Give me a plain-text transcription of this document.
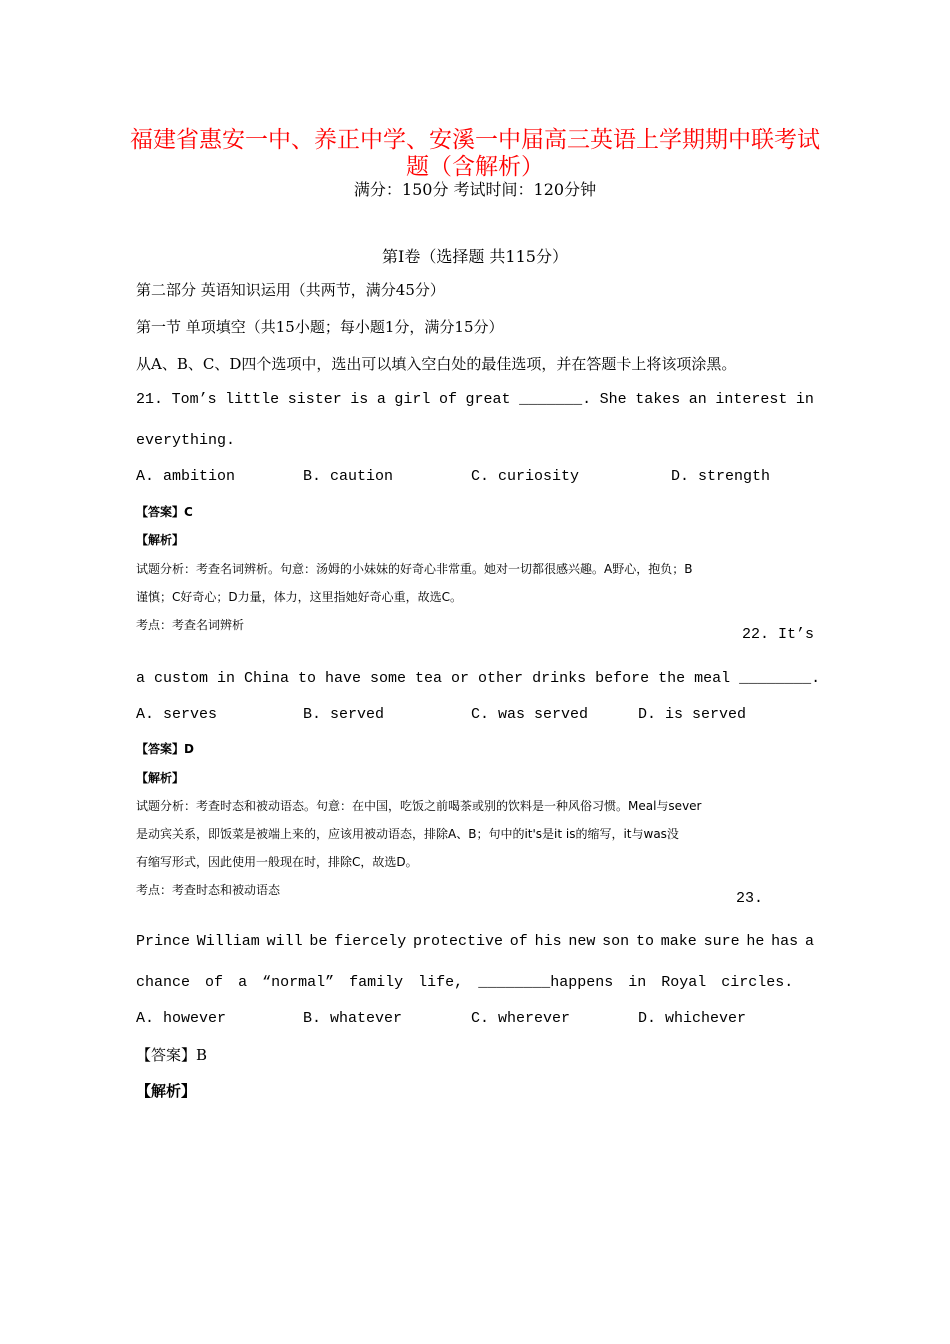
福建省惠安一中、养正中学、安溪一中届高三英语上学期期中联考试
题（含解析）
满分：150分 考试时间：120分钟
第Ⅰ卷（选择题 共115分）
第二部分 英语知识运用（共两节，满分45分）
第一节 单项填空（共15小题；每小题1分，满分15分）
从A、B、C、D四个选项中，选出可以填入空白处的最佳选项，并在答题卡上将该项涂黑。
21. Tom’s little sister is a girl of great _______. She takes an interest in
everything.
A. ambition	B. caution	C. curiosity	D. strength
【答案】C
【解析】
试题分析：考查名词辨析。句意：汤姆的小妹妹的好奇心非常重。她对一切都很感兴趣。A野心，抱负；B
谨慎；C好奇心；D力量，体力，这里指她好奇心重，故选C。
考点：考查名词辨析
22. It’s
a custom in China to have some tea or other drinks before the meal ________.
A. serves	B. served	C. was served	D. is served
【答案】D
【解析】
试题分析：考查时态和被动语态。句意：在中国，吃饭之前喝茶或别的饮料是一种风俗习惯。Meal与sever
是动宾关系，即饭菜是被端上来的，应该用被动语态，排除A、B；句中的it's是it is的缩写，it与was没
有缩写形式，因此使用一般现在时，排除C，故选D。
考点：考查时态和被动语态	23.
Prince William will be fiercely protective of his new son to make sure he has a
chance of a “normal” family life, ________happens in Royal circles.
A. however	B. whatever	C. wherever	D. whichever
【答案】B
【解析】
